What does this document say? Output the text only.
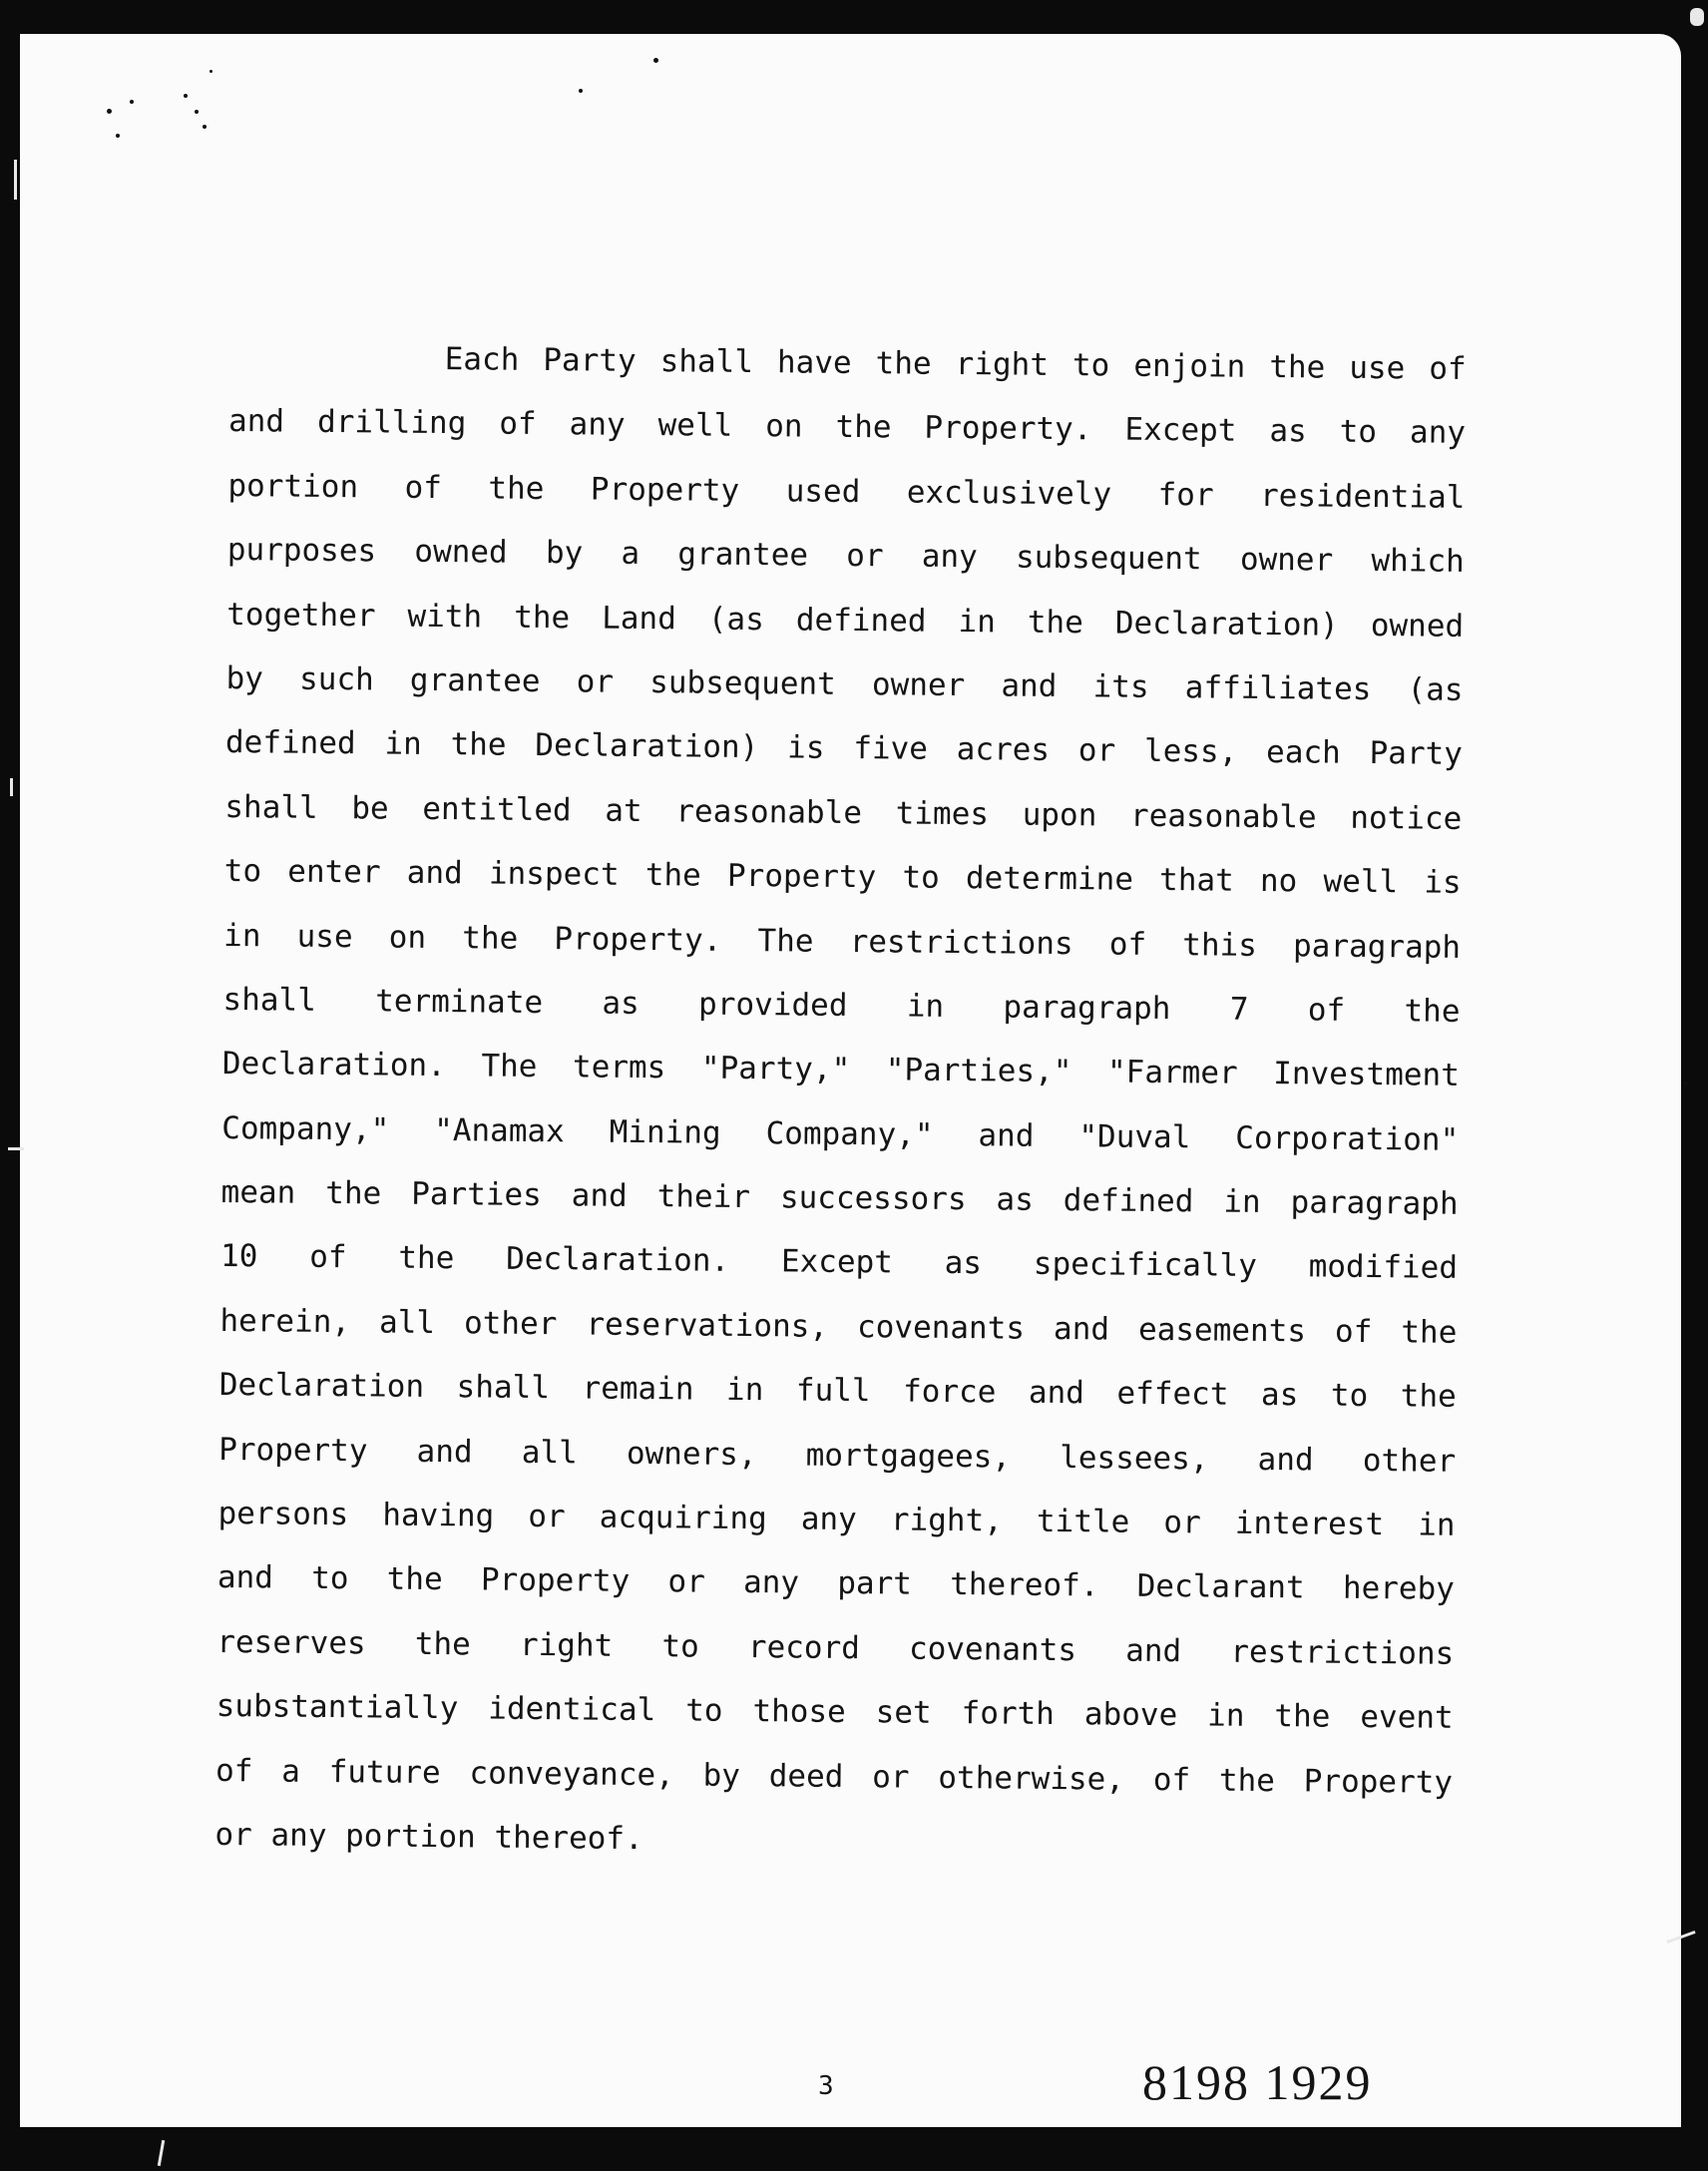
Each Party shall have the right to enjoin the use of
and drilling of any well on the Property. Except as to any
portion of the Property used exclusively for residential
purposes owned by a grantee or any subsequent owner which
together with the Land (as defined in the Declaration) owned
by such grantee or subsequent owner and its affiliates (as
defined in the Declaration) is five acres or less, each Party
shall be entitled at reasonable times upon reasonable notice
to enter and inspect the Property to determine that no well is
in use on the Property. The restrictions of this paragraph
shall terminate as provided in paragraph 7 of the
Declaration. The terms "Party," "Parties," "Farmer Investment
Company," "Anamax Mining Company," and "Duval Corporation"
mean the Parties and their successors as defined in paragraph
10 of the Declaration. Except as specifically modified
herein, all other reservations, covenants and easements of the
Declaration shall remain in full force and effect as to the
Property and all owners, mortgagees, lessees, and other
persons having or acquiring any right, title or interest in
and to the Property or any part thereof. Declarant hereby
reserves the right to record covenants and restrictions
substantially identical to those set forth above in the event
of a future conveyance, by deed or otherwise, of the Property
or any portion thereof.
3	8198 1929
